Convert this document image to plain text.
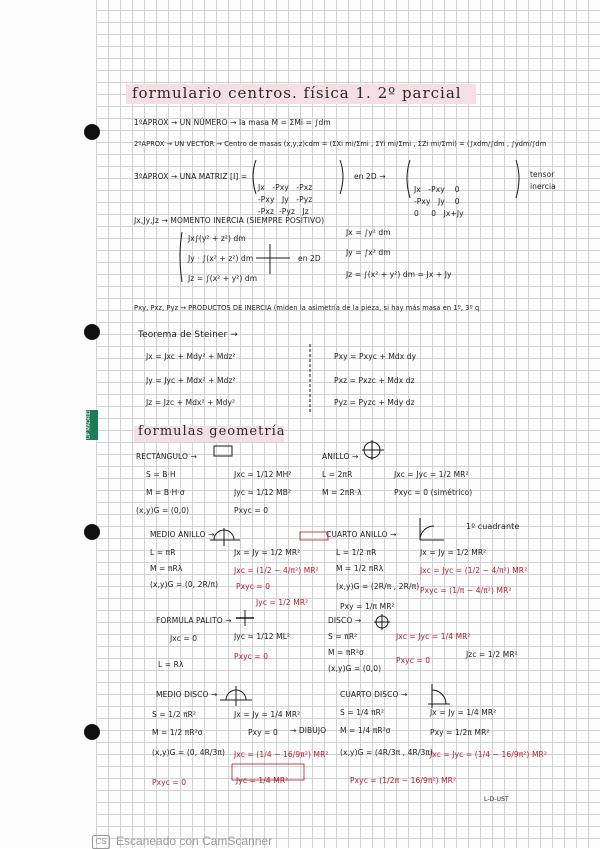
UP MADRID
formulario centros. física 1. 2º parcial
1ºAPROX → UN NÚMERO → la masa M = ΣMi = ∫dm
2ºAPROX → UN VECTOR → Centro de masas (x,y,z)cdm = (ΣXi mi/Σmi , ΣYi mi/Σmi , ΣZi mi/Σmi) = (∫xdm/∫dm , ∫ydm/∫dm
3ºAPROX → UNA MATRIZ [I] =

Jx   -Pxy   -Pxz
-Pxy   Jy   -Pyz
-Pxz  -Pyz   Jz

en 2D →

Jx   -Pxy    0
-Pxy   Jy    0
0     0   Jx+Jy

tensor
inercia
Jx,Jy,Jz → MOMENTO INERCIA (SIEMPRE POSITIVO)
Jx∫(y² + z²) dm
Jy · ∫(x² + z²) dm
Jz = ∫(x² + y²) dm
en 2D
Jx = ∫y² dm
Jy = ∫x² dm
Jz = ∫(x² + y²) dm = Jx + Jy
Pxy, Pxz, Pyz → PRODUCTOS DE INERCIA (miden la asimetría de la pieza, si hay más masa en 1º, 3º q
Teorema de Steiner →
Jx = Jxc + Mdy² + Mdz²
Jy = Jyc + Mdx² + Mdz²
Jz = Jzc + Mdx² + Mdy²
Pxy = Pxyc + Mdx dy
Pxz = Pxzc + Mdx dz
Pyz = Pyzc + Mdy dz
formulas geometría
RECTÁNGULO →
S = B·H
M = B·H·σ
(x,y)G = (0,0)
Jxc = 1/12 MH²
Jyc = 1/12 MB²
Pxyc = 0
ANILLO →
L = 2πR
M = 2πR·λ
Jxc = Jyc = 1/2 MR²
Pxyc = 0 (simétrico)
MEDIO ANILLO →
L = πR
M = πRλ
(x,y)G = (0, 2R/π)
Jx = Jy = 1/2 MR²
Jxc = (1/2 − 4/π²) MR²
Pxyc = 0
Jyc = 1/2 MR²
CUARTO ANILLO →
1º cuadrante
L = 1/2 πR
M = 1/2 πRλ
(x,y)G = (2R/π , 2R/π)
Pxy = 1/π MR²
Jx = Jy = 1/2 MR²
Jxc = Jyc = (1/2 − 4/π²) MR²
Pxyc = (1/π − 4/π²) MR²
FORMULA PALITO →
Jxc = 0
L = Rλ
Jyc = 1/12 ML²
Pxyc = 0
DISCO →
S = πR²
M = πR²σ
(x,y)G = (0,0)
Jxc = Jyc = 1/4 MR²
Pxyc = 0
Jzc = 1/2 MR²
MEDIO DISCO →
S = 1/2 πR²
M = 1/2 πR²σ
(x,y)G = (0, 4R/3π)
Pxyc = 0
Jx = Jy = 1/4 MR²
Pxy = 0 → DIBUJO
Jxc = (1/4 − 16/9π²) MR²
Jyc = 1/4 MR²
CUARTO DISCO →
S = 1/4 πR²
M = 1/4 πR²σ
(x,y)G = (4R/3π , 4R/3π)
Jx = Jy = 1/4 MR²
Pxy = 1/2π MR²
Jxc = Jyc = (1/4 − 16/9π²) MR²
Pxyc = (1/2π − 16/9π²) MR²
L-D-UST
CS Escaneado con CamScanner
